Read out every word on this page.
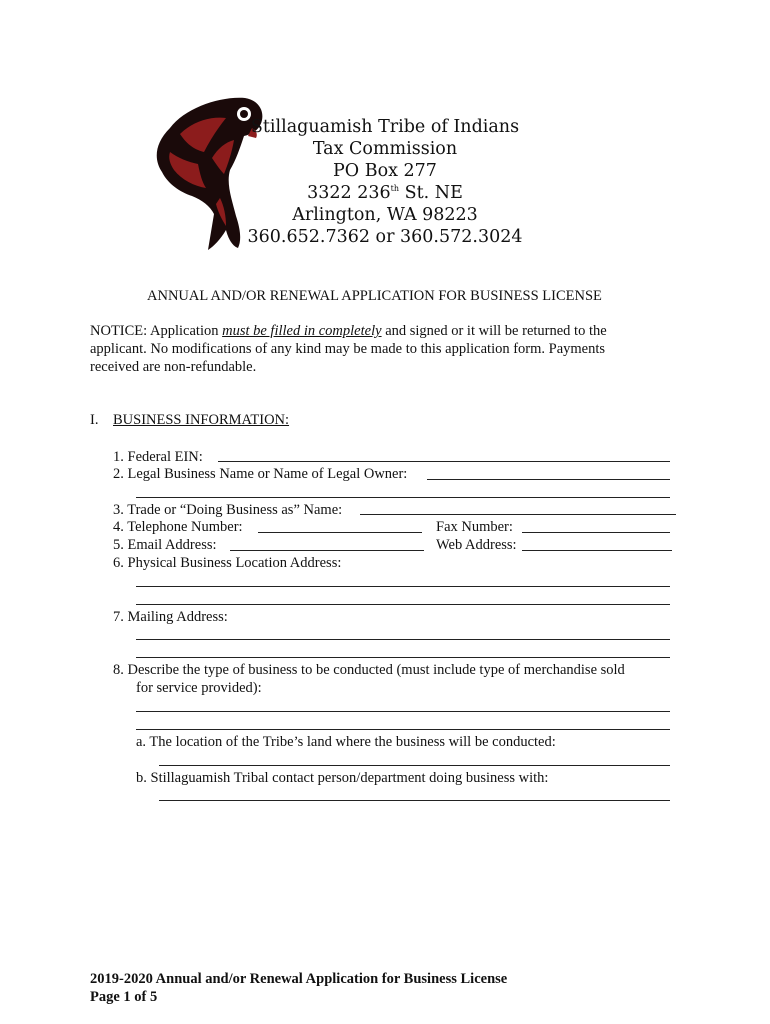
Stillaguamish Tribe of Indians
Tax Commission
PO Box 277
3322 236th St. NE
Arlington, WA 98223
360.652.7362 or 360.572.3024
ANNUAL AND/OR RENEWAL APPLICATION FOR BUSINESS LICENSE
NOTICE: Application must be filled in completely and signed or it will be returned to the
applicant. No modifications of any kind may be made to this application form. Payments
received are non-refundable.
I. BUSINESS INFORMATION:
1. Federal EIN:
2. Legal Business Name or Name of Legal Owner:
3. Trade or “Doing Business as” Name:
4. Telephone Number:	Fax Number:
5. Email Address:	Web Address:
6. Physical Business Location Address:
7. Mailing Address:
8. Describe the type of business to be conducted (must include type of merchandise sold
for service provided):
a. The location of the Tribe’s land where the business will be conducted:
b. Stillaguamish Tribal contact person/department doing business with:
2019-2020 Annual and/or Renewal Application for Business License
Page 1 of 5
